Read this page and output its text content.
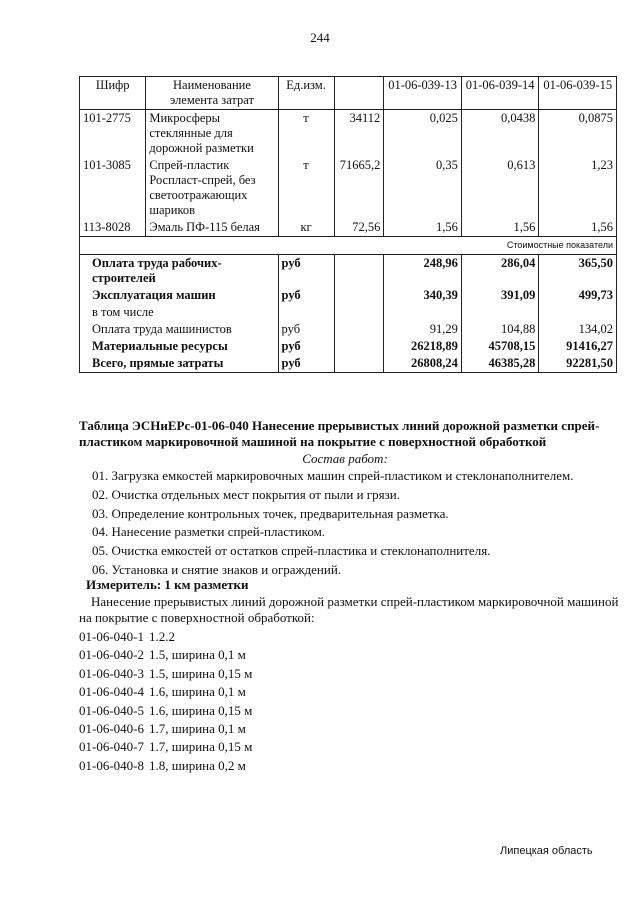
244
Шифр	Наименование элемента затрат	Ед.изм.		01-06-039-13	01-06-039-14	01-06-039-15
101-2775	Микросферы стеклянные для дорожной разметки	т	34112	0,025	0,0438	0,0875
101-3085	Спрей-пластик Роспласт-спрей, без светоотражающих шариков	т	71665,2	0,35	0,613	1,23
113-8028	Эмаль ПФ-115 белая	кг	72,56	1,56	1,56	1,56
Стоимостные показатели						
Оплата труда рабочих-строителей		руб		248,96	286,04	365,50
Эксплуатация машин		руб		340,39	391,09	499,73
в том числе						
Оплата труда машинистов		руб		91,29	104,88	134,02
Материальные ресурсы		руб		26218,89	45708,15	91416,27
Всего, прямые затраты		руб		26808,24	46385,28	92281,50
Таблица ЭСНиЕРс-01-06-040 Нанесение прерывистых линий дорожной разметки спрей-пластиком маркировочной машиной на покрытие с поверхностной обработкой
Состав работ:
01. Загрузка емкостей маркировочных машин спрей-пластиком и стеклонаполнителем.
02. Очистка отдельных мест покрытия от пыли и грязи.
03. Определение контрольных точек, предварительная разметка.
04. Нанесение разметки спрей-пластиком.
05. Очистка емкостей от остатков спрей-пластика и стеклонаполнителя.
06. Установка и снятие знаков и ограждений.
Измеритель: 1 км разметки
Нанесение прерывистых линий дорожной разметки спрей-пластиком маркировочной машиной на покрытие с поверхностной обработкой:
01-06-040-1 1.2.2
01-06-040-2 1.5, ширина 0,1 м
01-06-040-3 1.5, ширина 0,15 м
01-06-040-4 1.6, ширина 0,1 м
01-06-040-5 1.6, ширина 0,15 м
01-06-040-6 1.7, ширина 0,1 м
01-06-040-7 1.7, ширина 0,15 м
01-06-040-8 1.8, ширина 0,2 м
Липецкая область
